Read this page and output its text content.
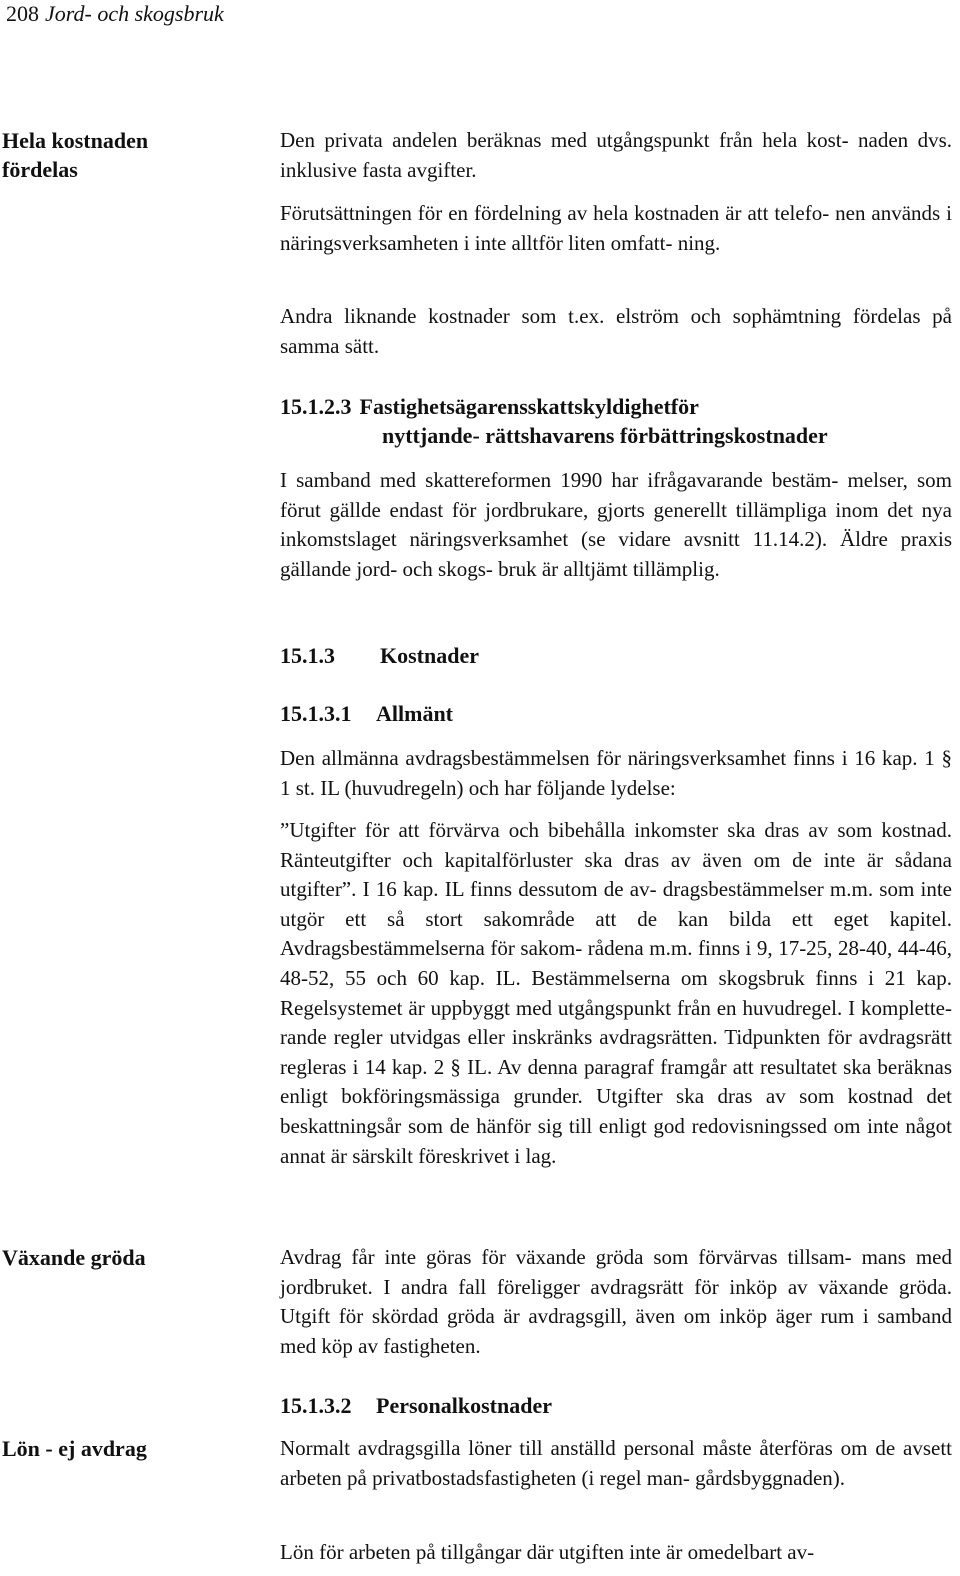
208 Jord- och skogsbruk
Hela kostnaden
fördelas
Växande gröda
Lön - ej avdrag
Den privata andelen beräknas med utgångspunkt från hela kost- naden dvs. inklusive fasta avgifter.
Förutsättningen för en fördelning av hela kostnaden är att telefo- nen används i näringsverksamheten i inte alltför liten omfatt- ning.
Andra liknande kostnader som t.ex. elström och sophämtning fördelas på samma sätt.
15.1.2.3 Fastighetsägarensskattskyldighetför
nyttjande- rättshavarens förbättringskostnader
I samband med skattereformen 1990 har ifrågavarande bestäm- melser, som förut gällde endast för jordbrukare, gjorts generellt tillämpliga inom det nya inkomstslaget näringsverksamhet (se vidare avsnitt 11.14.2). Äldre praxis gällande jord- och skogs- bruk är alltjämt tillämplig.
15.1.3 Kostnader
15.1.3.1 Allmänt
Den allmänna avdragsbestämmelsen för näringsverksamhet finns i 16 kap. 1 § 1 st. IL (huvudregeln) och har följande lydelse:
”Utgifter för att förvärva och bibehålla inkomster ska dras av som kostnad. Ränteutgifter och kapitalförluster ska dras av även om de inte är sådana utgifter”. I 16 kap. IL finns dessutom de av- dragsbestämmelser m.m. som inte utgör ett så stort sakområde att de kan bilda ett eget kapitel. Avdragsbestämmelserna för sakom- rådena m.m. finns i 9, 17-25, 28-40, 44-46, 48-52, 55 och 60 kap. IL. Bestämmelserna om skogsbruk finns i 21 kap. Regelsystemet är uppbyggt med utgångspunkt från en huvudregel. I komplette- rande regler utvidgas eller inskränks avdragsrätten. Tidpunkten för avdragsrätt regleras i 14 kap. 2 § IL. Av denna paragraf framgår att resultatet ska beräknas enligt bokföringsmässiga grunder. Utgifter ska dras av som kostnad det beskattningsår som de hänför sig till enligt god redovisningssed om inte något annat är särskilt föreskrivet i lag.
Avdrag får inte göras för växande gröda som förvärvas tillsam- mans med jordbruket. I andra fall föreligger avdragsrätt för inköp av växande gröda. Utgift för skördad gröda är avdragsgill, även om inköp äger rum i samband med köp av fastigheten.
15.1.3.2 Personalkostnader
Normalt avdragsgilla löner till anställd personal måste återföras om de avsett arbeten på privatbostadsfastigheten (i regel man- gårdsbyggnaden).
Lön för arbeten på tillgångar där utgiften inte är omedelbart av-
